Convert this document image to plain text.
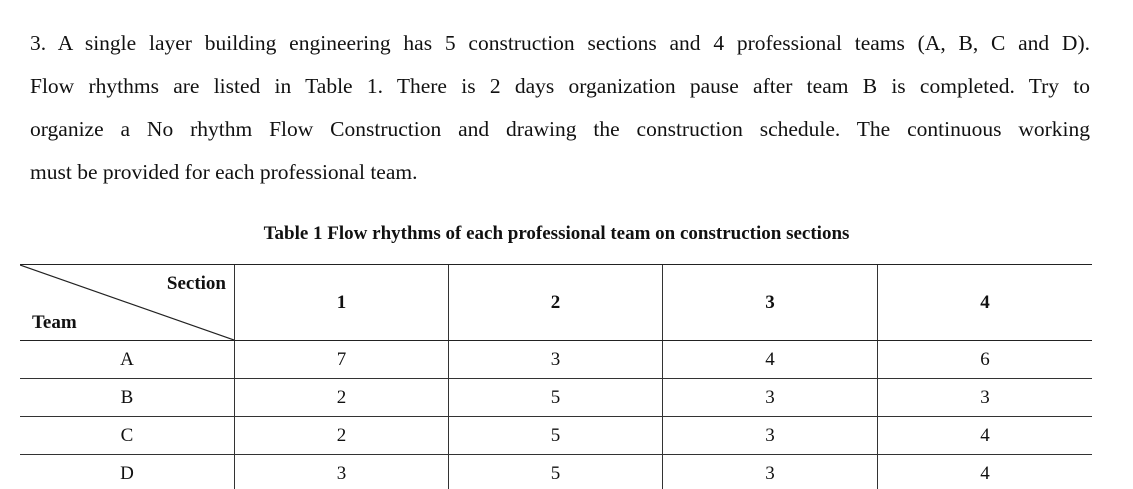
3. A single layer building engineering has 5 construction sections and 4 professional teams (A, B, C and D).
Flow rhythms are listed in Table 1. There is 2 days organization pause after team B is completed. Try to
organize a No rhythm Flow Construction and drawing the construction schedule. The continuous working
must be provided for each professional team.

Table 1 Flow rhythms of each professional team on construction sections

Section
Team	1	2	3	4
A	7	3	4	6
B	2	5	3	3
C	2	5	3	4
D	3	5	3	4
